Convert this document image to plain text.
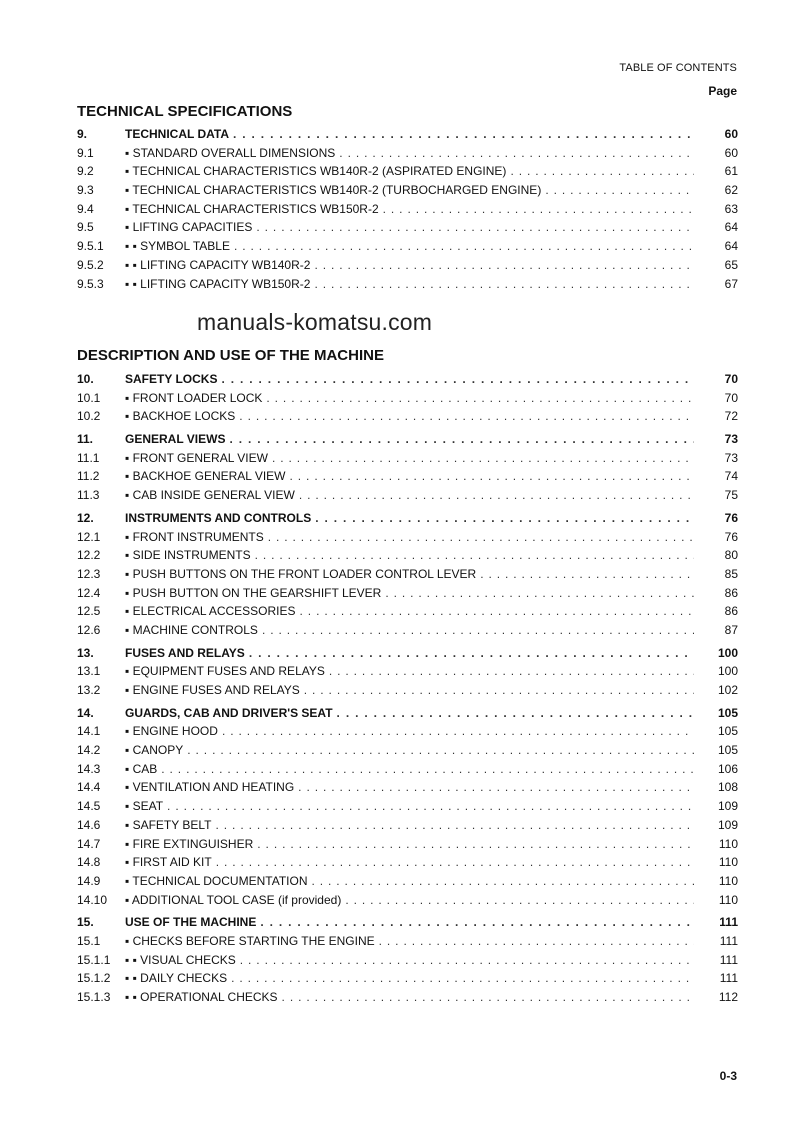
TABLE OF CONTENTS
Page
TECHNICAL SPECIFICATIONS
9.	TECHNICAL DATA . . .	60
9.1	▪ STANDARD OVERALL DIMENSIONS . . .	60
9.2	▪ TECHNICAL CHARACTERISTICS WB140R-2 (ASPIRATED ENGINE) . . .	61
9.3	▪ TECHNICAL CHARACTERISTICS WB140R-2 (TURBOCHARGED ENGINE) . . .	62
9.4	▪ TECHNICAL CHARACTERISTICS WB150R-2 . . .	63
9.5	▪ LIFTING CAPACITIES . . .	64
9.5.1	▪ ▪ SYMBOL TABLE . . .	64
9.5.2	▪ ▪ LIFTING CAPACITY WB140R-2 . . .	65
9.5.3	▪ ▪ LIFTING CAPACITY WB150R-2 . . .	67
manuals-komatsu.com
DESCRIPTION AND USE OF THE MACHINE
10.	SAFETY LOCKS . . .	70
10.1	▪ FRONT LOADER LOCK . . .	70
10.2	▪ BACKHOE LOCKS . . .	72
11.	GENERAL VIEWS . . .	73
11.1	▪ FRONT GENERAL VIEW . . .	73
11.2	▪ BACKHOE GENERAL VIEW . . .	74
11.3	▪ CAB INSIDE GENERAL VIEW . . .	75
12.	INSTRUMENTS AND CONTROLS . . .	76
12.1	▪ FRONT INSTRUMENTS . . .	76
12.2	▪ SIDE INSTRUMENTS . . .	80
12.3	▪ PUSH BUTTONS ON THE FRONT LOADER CONTROL LEVER . . .	85
12.4	▪ PUSH BUTTON ON THE GEARSHIFT LEVER . . .	86
12.5	▪ ELECTRICAL ACCESSORIES . . .	86
12.6	▪ MACHINE CONTROLS . . .	87
13.	FUSES AND RELAYS . . .	100
13.1	▪ EQUIPMENT FUSES AND RELAYS . . .	100
13.2	▪ ENGINE FUSES AND RELAYS . . .	102
14.	GUARDS, CAB AND DRIVER'S SEAT . . .	105
14.1	▪ ENGINE HOOD . . .	105
14.2	▪ CANOPY . . .	105
14.3	▪ CAB . . .	106
14.4	▪ VENTILATION AND HEATING . . .	108
14.5	▪ SEAT . . .	109
14.6	▪ SAFETY BELT . . .	109
14.7	▪ FIRE EXTINGUISHER . . .	110
14.8	▪ FIRST AID KIT . . .	110
14.9	▪ TECHNICAL DOCUMENTATION . . .	110
14.10	▪ ADDITIONAL TOOL CASE (if provided) . . .	110
15.	USE OF THE MACHINE . . .	111
15.1	▪ CHECKS BEFORE STARTING THE ENGINE . . .	111
15.1.1	▪ ▪ VISUAL CHECKS . . .	111
15.1.2	▪ ▪ DAILY CHECKS . . .	111
15.1.3	▪ ▪ OPERATIONAL CHECKS . . .	112
0-3
